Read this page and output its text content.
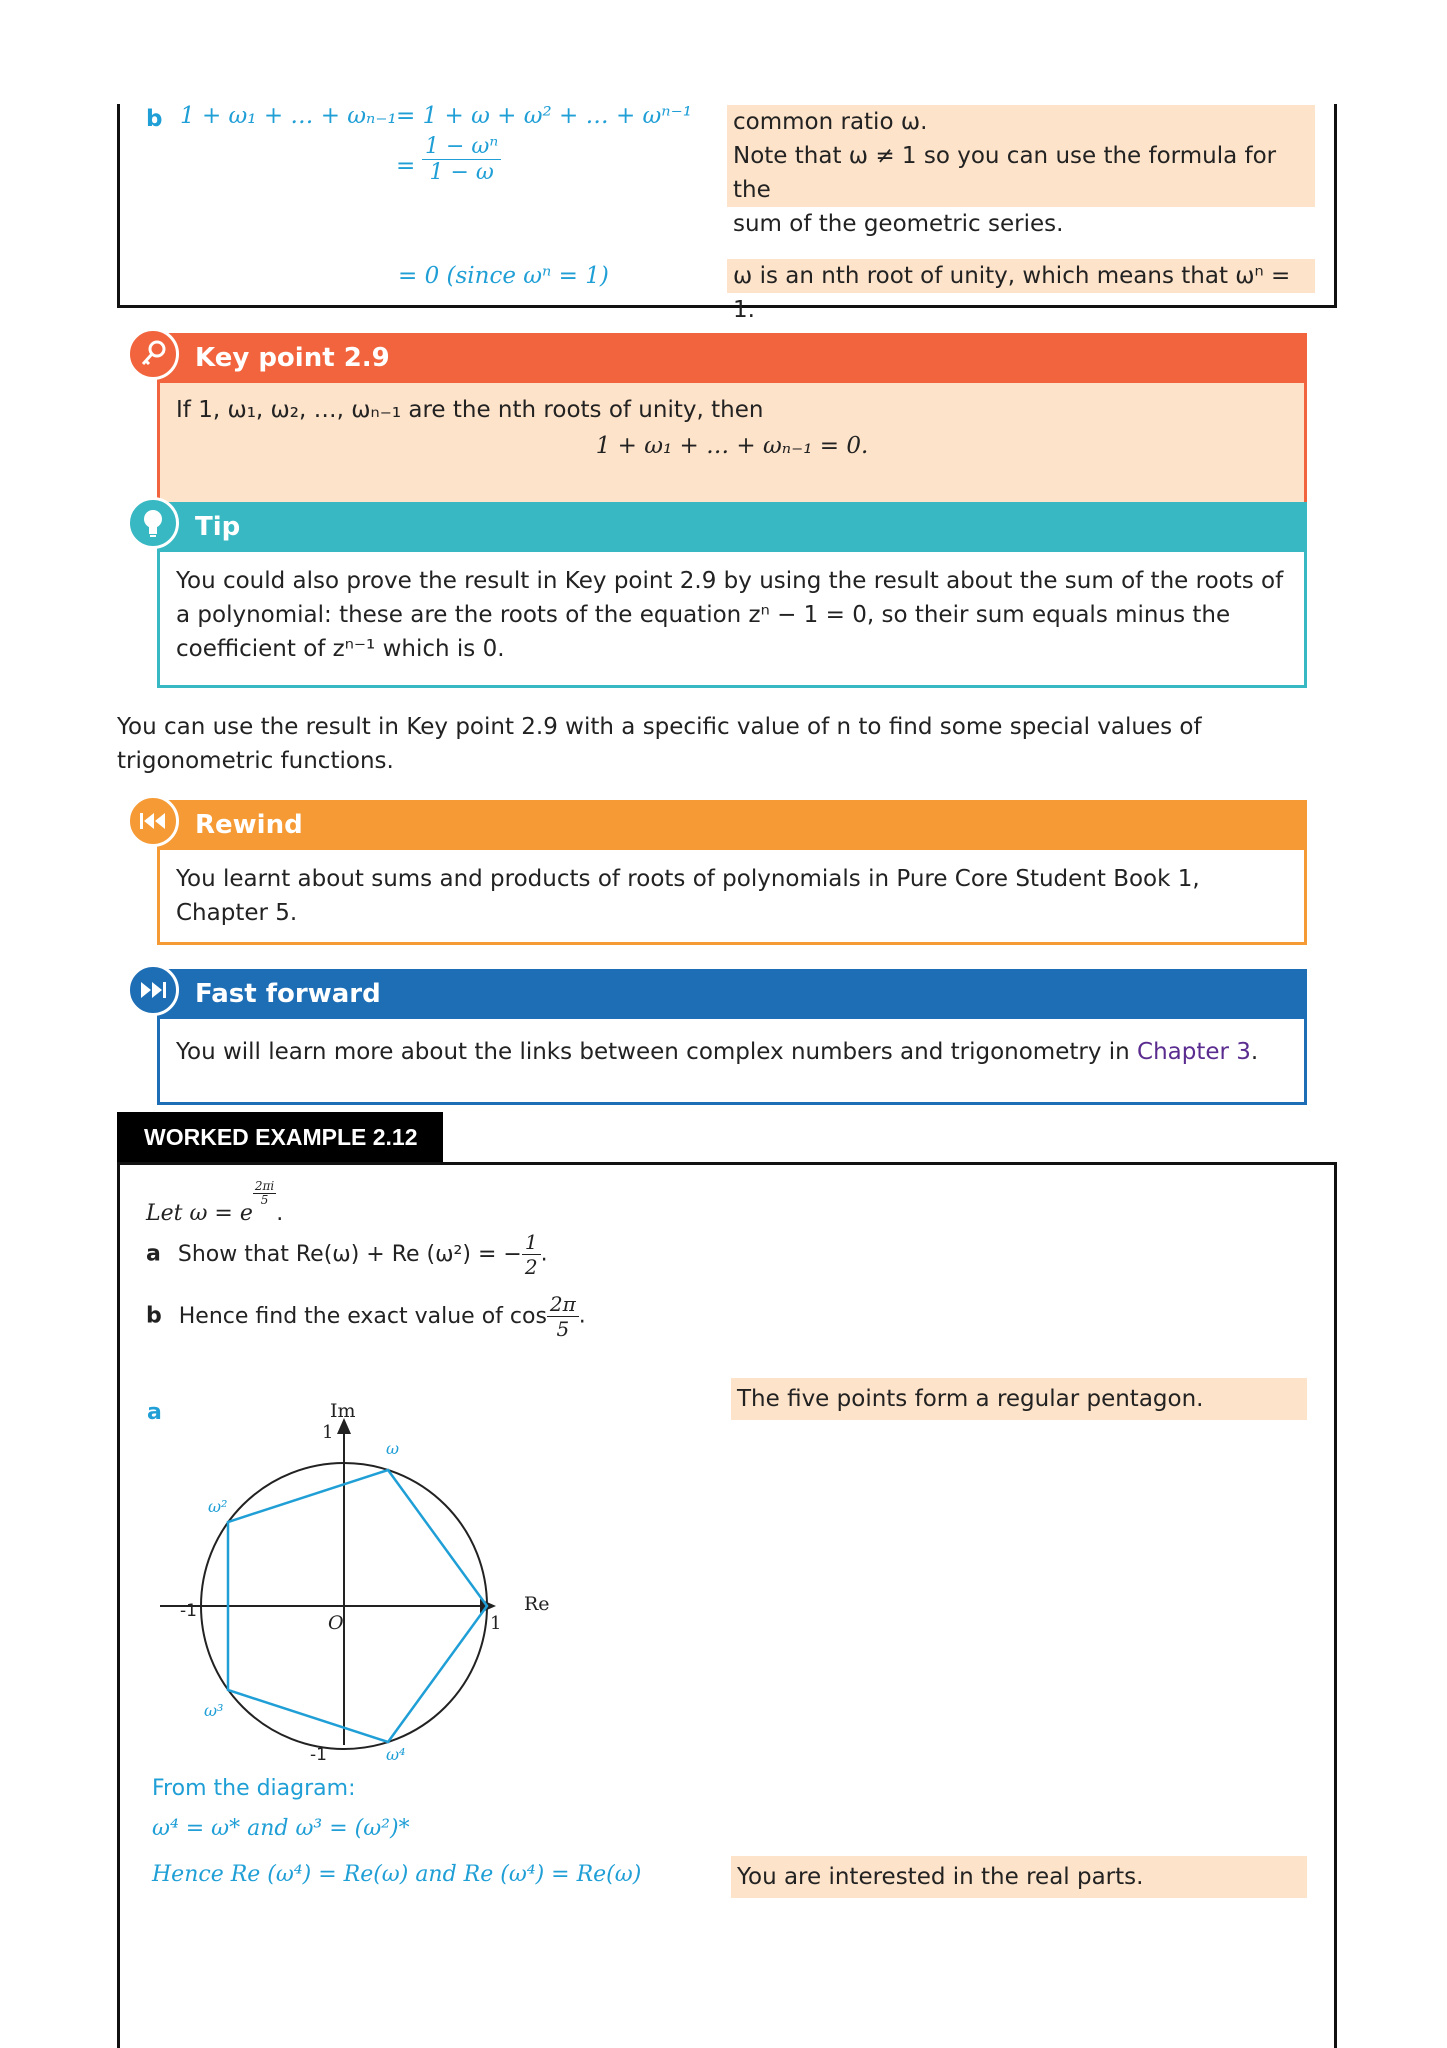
b 1 + ω₁ + … + ωₙ₋₁ = 1 + ω + ω² + … + ωⁿ⁻¹
= $\frac{\text{1 − ωⁿ}}{1 - \omega}$
= 0 (since ωⁿ = 1)
common ratio ω.
Note that ω ≠ 1 so you can use the formula for the
sum of the geometric series.
ω is an nth root of unity, which means that ωⁿ = 1.
Key point 2.9
If 1, ω₁, ω₂, …, ωₙ₋₁ are the nth roots of unity, then
1 + ω₁ + … + ωₙ₋₁ = 0.
Tip
You could also prove the result in Key point 2.9 by using the result about the sum of the roots of
a polynomial: these are the roots of the equation zⁿ − 1 = 0, so their sum equals minus the
coefficient of zⁿ⁻¹ which is 0.
You can use the result in Key point 2.9 with a specific value of n to find some special values of
trigonometric functions.
Rewind
You learnt about sums and products of roots of polynomials in Pure Core Student Book 1,
Chapter 5.
Fast forward
You will learn more about the links between complex numbers and trigonometry in Chapter 3.
WORKED EXAMPLE 2.12
Let ω = e
$\frac{2\pi i}{5}$
.
a Show that Re(ω) + Re (ω²) = − $\frac{1}{2}$ .
b Hence find the exact value of $\cos \frac{2\pi}{5}$ .
a	Im
Re
O
1
1
-1
-1
ω
ω²
ω³
ω⁴
The five points form a regular pentagon.
From the diagram:
ω⁴ = ω* and ω³ = (ω²)*
Hence Re (ω⁴) = Re(ω) and Re (ω⁴) = Re(ω)	You are interested in the real parts.
